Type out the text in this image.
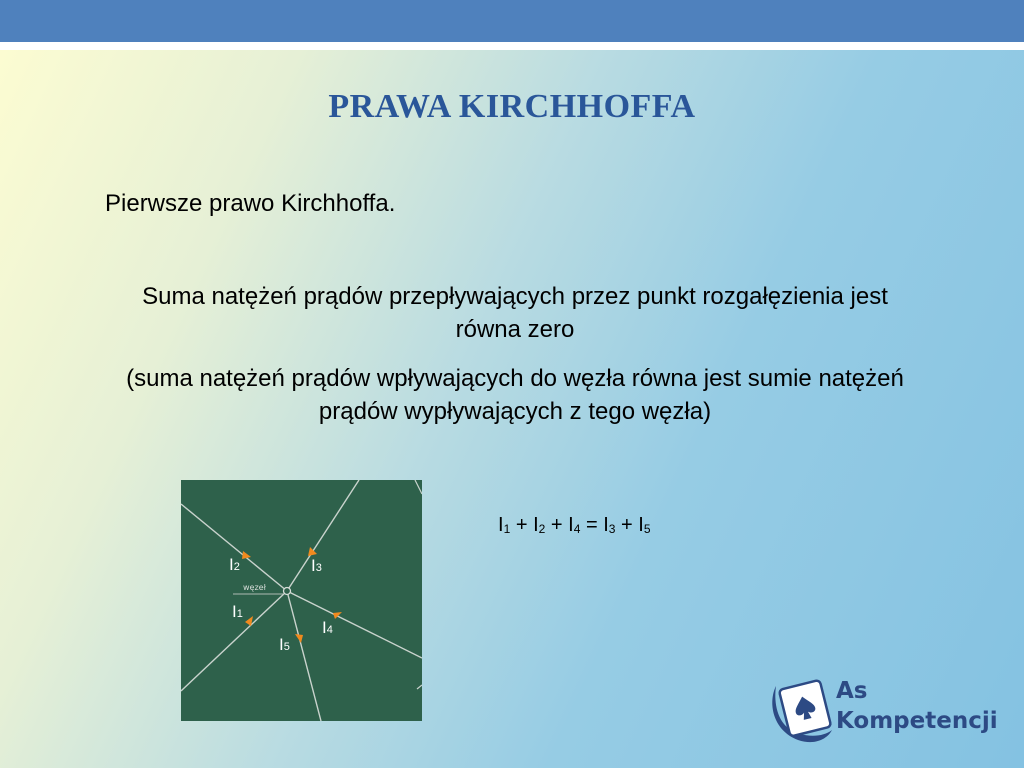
PRAWA KIRCHHOFFA
Pierwsze prawo Kirchhoffa.
Suma natężeń prądów przepływających przez punkt rozgałęzienia jest równa zero
(suma natężeń prądów wpływających do węzła równa jest sumie natężeń prądów wypływających z tego węzła)
$I_1 + I_2 + I_4 = I_3 + I_5$
węzeł
I2	I3
I1
I4
I5
As
Kompetencji
